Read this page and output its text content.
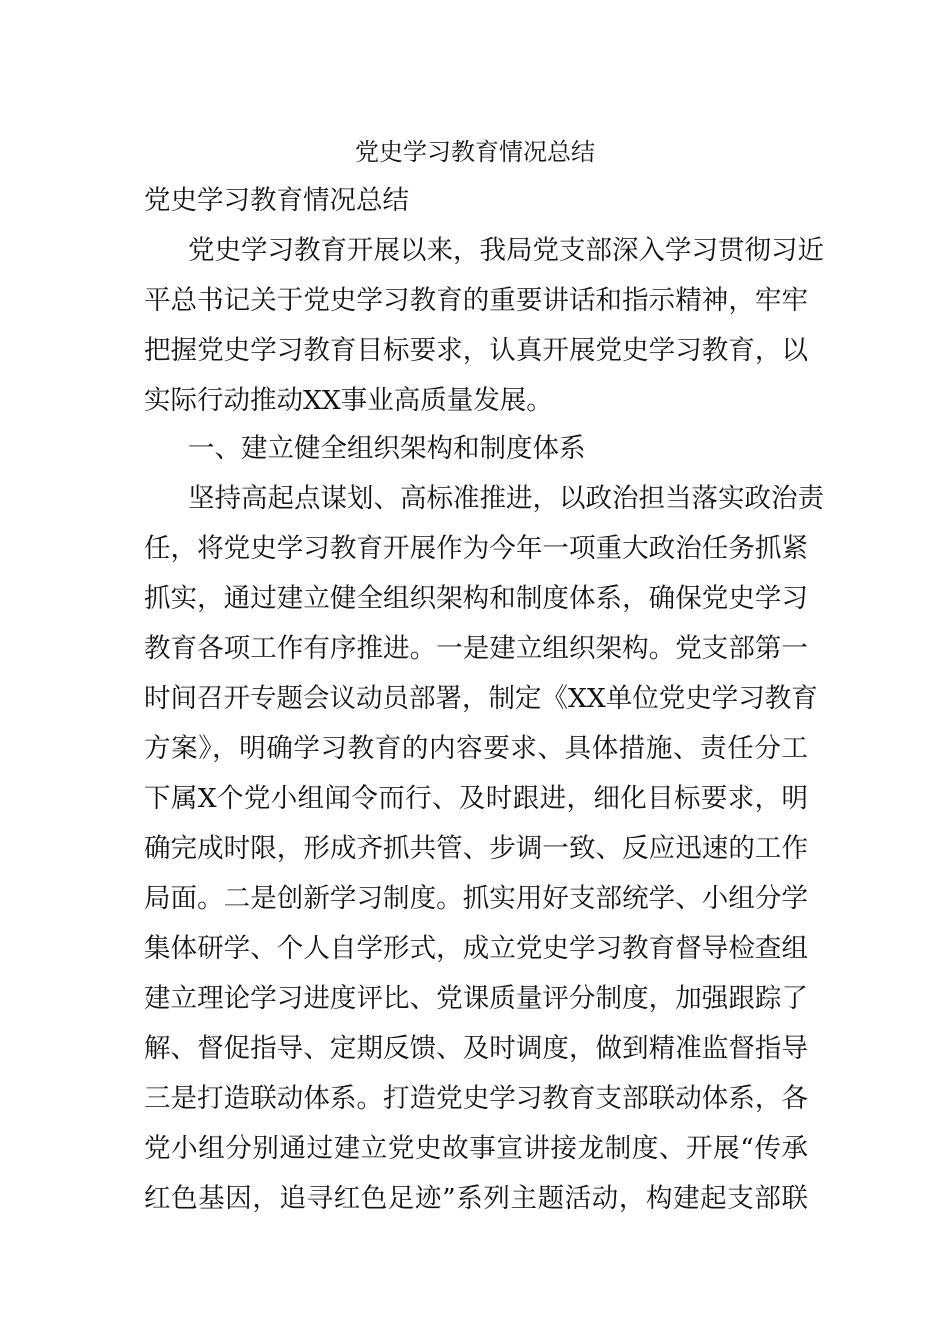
党史学习教育情况总结
党史学习教育情况总结
党史学习教育开展以来，我局党支部深入学习贯彻习近
平总书记关于党史学习教育的重要讲话和指示精神，牢牢
把握党史学习教育目标要求，认真开展党史学习教育，以
实际行动推动XX事业高质量发展。
一、建立健全组织架构和制度体系
坚持高起点谋划、高标准推进，以政治担当落实政治责
任，将党史学习教育开展作为今年一项重大政治任务抓紧
抓实，通过建立健全组织架构和制度体系，确保党史学习
教育各项工作有序推进。一是建立组织架构。党支部第一
时间召开专题会议动员部署，制定《XX单位党史学习教育
方案》，明确学习教育的内容要求、具体措施、责任分工
下属X个党小组闻令而行、及时跟进，细化目标要求，明
确完成时限，形成齐抓共管、步调一致、反应迅速的工作
局面。二是创新学习制度。抓实用好支部统学、小组分学
集体研学、个人自学形式，成立党史学习教育督导检查组
建立理论学习进度评比、党课质量评分制度，加强跟踪了
解、督促指导、定期反馈、及时调度，做到精准监督指导
三是打造联动体系。打造党史学习教育支部联动体系，各
党小组分别通过建立党史故事宣讲接龙制度、开展“传承
红色基因，追寻红色足迹”系列主题活动，构建起支部联
